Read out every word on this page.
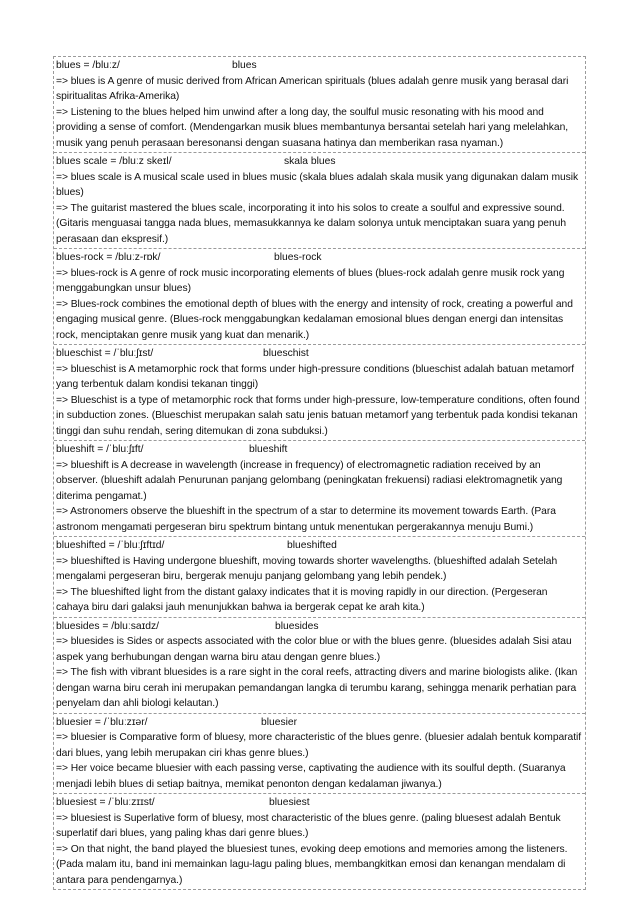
blues = /bluːz/	blues
=> blues is A genre of music derived from African American spirituals (blues adalah genre musik yang berasal dari spiritualitas Afrika-Amerika)
=> Listening to the blues helped him unwind after a long day, the soulful music resonating with his mood and providing a sense of comfort. (Mendengarkan musik blues membantunya bersantai setelah hari yang melelahkan, musik yang penuh perasaan beresonansi dengan suasana hatinya dan memberikan rasa nyaman.)
blues scale = /bluːz skeɪl/	skala blues
=> blues scale is A musical scale used in blues music (skala blues adalah skala musik yang digunakan dalam musik blues)
=> The guitarist mastered the blues scale, incorporating it into his solos to create a soulful and expressive sound. (Gitaris menguasai tangga nada blues, memasukkannya ke dalam solonya untuk menciptakan suara yang penuh perasaan dan ekspresif.)
blues-rock = /bluːz-rɒk/	blues-rock
=> blues-rock is A genre of rock music incorporating elements of blues (blues-rock adalah genre musik rock yang menggabungkan unsur blues)
=> Blues-rock combines the emotional depth of blues with the energy and intensity of rock, creating a powerful and engaging musical genre. (Blues-rock menggabungkan kedalaman emosional blues dengan energi dan intensitas rock, menciptakan genre musik yang kuat dan menarik.)
blueschist = /ˈbluːʃɪst/	blueschist
=> blueschist is A metamorphic rock that forms under high-pressure conditions (blueschist adalah batuan metamorf yang terbentuk dalam kondisi tekanan tinggi)
=> Blueschist is a type of metamorphic rock that forms under high-pressure, low-temperature conditions, often found in subduction zones. (Blueschist merupakan salah satu jenis batuan metamorf yang terbentuk pada kondisi tekanan tinggi dan suhu rendah, sering ditemukan di zona subduksi.)
blueshift = /ˈbluːʃɪft/	blueshift
=> blueshift is A decrease in wavelength (increase in frequency) of electromagnetic radiation received by an observer. (blueshift adalah Penurunan panjang gelombang (peningkatan frekuensi) radiasi elektromagnetik yang diterima pengamat.)
=> Astronomers observe the blueshift in the spectrum of a star to determine its movement towards Earth. (Para astronom mengamati pergeseran biru spektrum bintang untuk menentukan pergerakannya menuju Bumi.)
blueshifted = /ˈbluːʃɪftɪd/	blueshifted
=> blueshifted is Having undergone blueshift, moving towards shorter wavelengths. (blueshifted adalah Setelah mengalami pergeseran biru, bergerak menuju panjang gelombang yang lebih pendek.)
=> The blueshifted light from the distant galaxy indicates that it is moving rapidly in our direction. (Pergeseran cahaya biru dari galaksi jauh menunjukkan bahwa ia bergerak cepat ke arah kita.)
bluesides = /bluːsaɪdz/	bluesides
=> bluesides is Sides or aspects associated with the color blue or with the blues genre. (bluesides adalah Sisi atau aspek yang berhubungan dengan warna biru atau dengan genre blues.)
=> The fish with vibrant bluesides is a rare sight in the coral reefs, attracting divers and marine biologists alike. (Ikan dengan warna biru cerah ini merupakan pemandangan langka di terumbu karang, sehingga menarik perhatian para penyelam dan ahli biologi kelautan.)
bluesier = /ˈbluːzɪər/	bluesier
=> bluesier is Comparative form of bluesy, more characteristic of the blues genre. (bluesier adalah bentuk komparatif dari blues, yang lebih merupakan ciri khas genre blues.)
=> Her voice became bluesier with each passing verse, captivating the audience with its soulful depth. (Suaranya menjadi lebih blues di setiap baitnya, memikat penonton dengan kedalaman jiwanya.)
bluesiest = /ˈbluːzɪɪst/	bluesiest
=> bluesiest is Superlative form of bluesy, most characteristic of the blues genre. (paling bluesest adalah Bentuk superlatif dari blues, yang paling khas dari genre blues.)
=> On that night, the band played the bluesiest tunes, evoking deep emotions and memories among the listeners. (Pada malam itu, band ini memainkan lagu-lagu paling blues, membangkitkan emosi dan kenangan mendalam di antara para pendengarnya.)
